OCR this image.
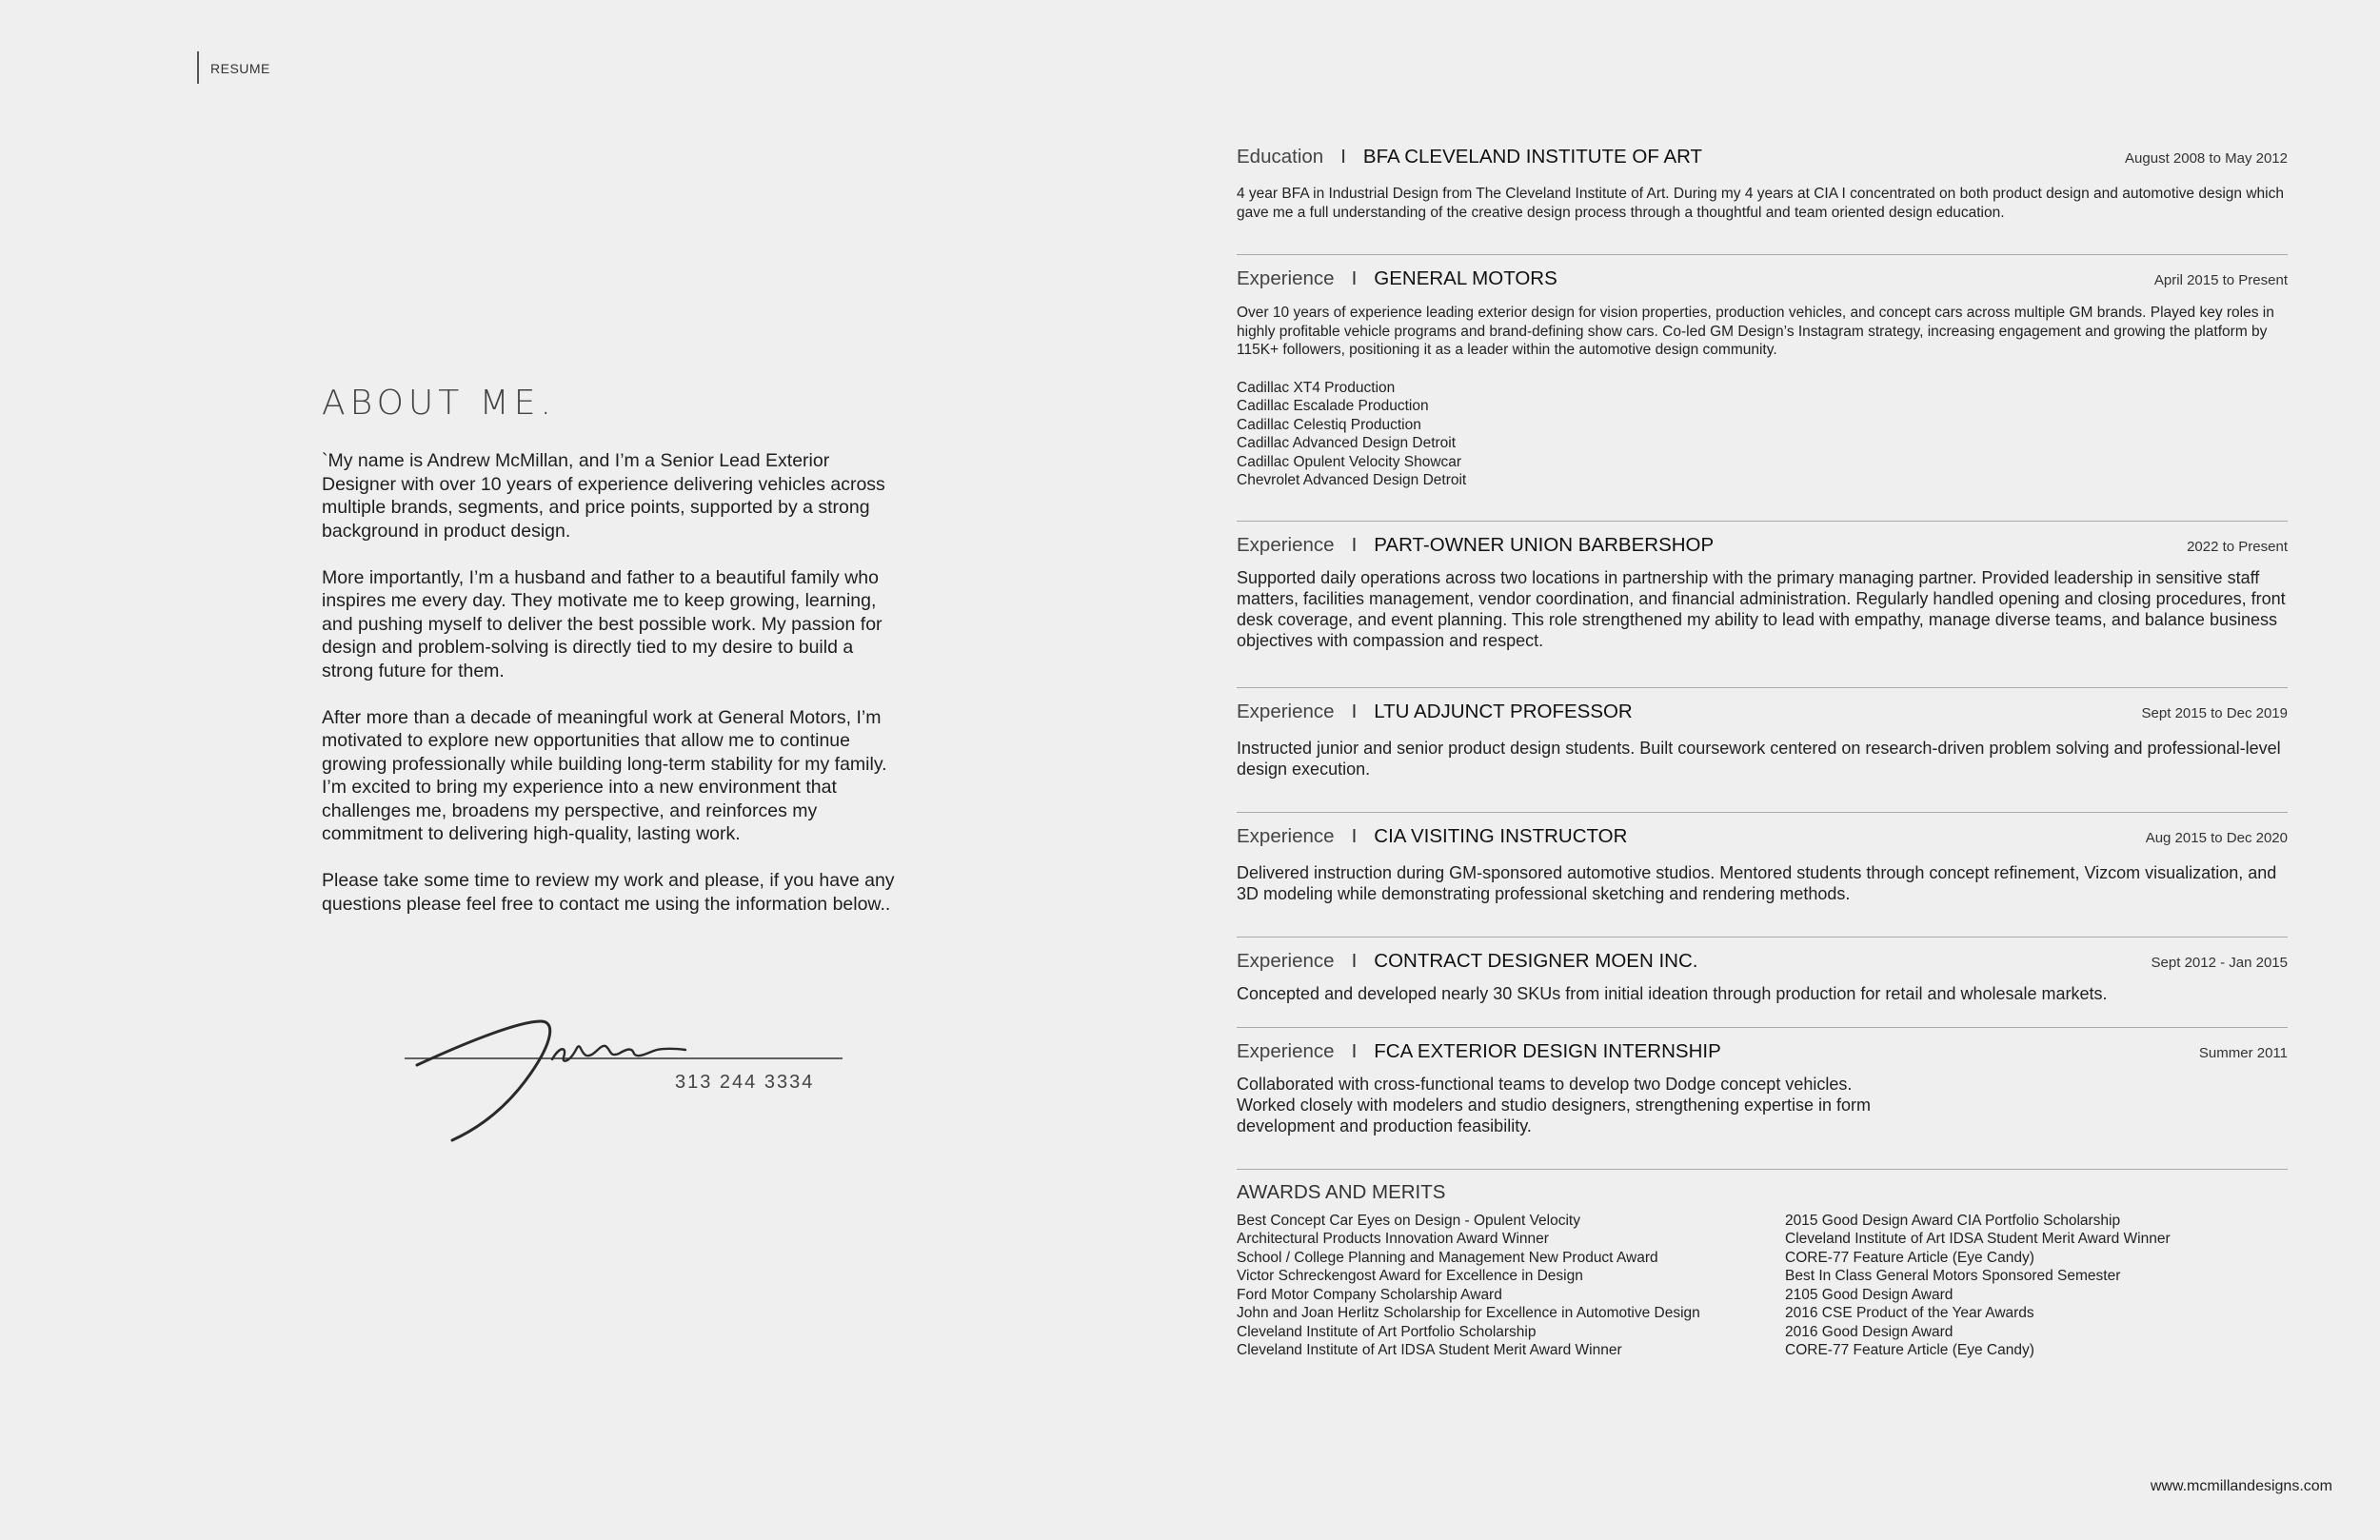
RESUME
ABOUT ME.

`My name is Andrew McMillan, and I’m a Senior Lead Exterior Designer with over 10 years of experience delivering vehicles across multiple brands, segments, and price points, supported by a strong background in product design.

More importantly, I’m a husband and father to a beautiful family who inspires me every day. They motivate me to keep growing, learning, and pushing myself to deliver the best possible work. My passion for design and problem-solving is directly tied to my desire to build a strong future for them.

After more than a decade of meaningful work at General Motors, I’m motivated to explore new opportunities that allow me to continue growing professionally while building long-term stability for my family. I’m excited to bring my experience into a new environment that challenges me, broadens my perspective, and reinforces my commitment to delivering high-quality, lasting work.

Please take some time to review my work and please, if you have any questions please feel free to contact me using the information below..

313 244 3334
Education I BFA CLEVELAND INSTITUTE OF ART	August 2008 to May 2012
4 year BFA in Industrial Design from The Cleveland Institute of Art. During my 4 years at CIA I concentrated on both product design and automotive design which gave me a full understanding of the creative design process through a thoughtful and team oriented design education.
Experience I GENERAL MOTORS	April 2015 to Present
Over 10 years of experience leading exterior design for vision properties, production vehicles, and concept cars across multiple GM brands. Played key roles in highly profitable vehicle programs and brand-defining show cars. Co-led GM Design’s Instagram strategy, increasing engagement and growing the platform by 115K+ followers, positioning it as a leader within the automotive design community.
Cadillac XT4 Production
Cadillac Escalade Production
Cadillac Celestiq Production
Cadillac Advanced Design Detroit
Cadillac Opulent Velocity Showcar
Chevrolet Advanced Design Detroit
Experience I PART-OWNER UNION BARBERSHOP	2022 to Present
Supported daily operations across two locations in partnership with the primary managing partner. Provided leadership in sensitive staff matters, facilities management, vendor coordination, and financial administration. Regularly handled opening and closing procedures, front desk coverage, and event planning. This role strengthened my ability to lead with empathy, manage diverse teams, and balance business objectives with compassion and respect.
Experience I LTU ADJUNCT PROFESSOR	Sept 2015 to Dec 2019
Instructed junior and senior product design students. Built coursework centered on research-driven problem solving and professional-level design execution.
Experience I CIA VISITING INSTRUCTOR	Aug 2015 to Dec 2020
Delivered instruction during GM-sponsored automotive studios. Mentored students through concept refinement, Vizcom visualization, and 3D modeling while demonstrating professional sketching and rendering methods.
Experience I CONTRACT DESIGNER MOEN INC.	Sept 2012 - Jan 2015
Concepted and developed nearly 30 SKUs from initial ideation through production for retail and wholesale markets.
Experience I FCA EXTERIOR DESIGN INTERNSHIP	Summer 2011
Collaborated with cross-functional teams to develop two Dodge concept vehicles.
Worked closely with modelers and studio designers, strengthening expertise in form
development and production feasibility.
AWARDS AND MERITS
Best Concept Car Eyes on Design - Opulent Velocity
Architectural Products Innovation Award Winner
School / College Planning and Management New Product Award
Victor Schreckengost Award for Excellence in Design
Ford Motor Company Scholarship Award
John and Joan Herlitz Scholarship for Excellence in Automotive Design
Cleveland Institute of Art Portfolio Scholarship
Cleveland Institute of Art IDSA Student Merit Award Winner
2015 Good Design Award CIA Portfolio Scholarship
Cleveland Institute of Art IDSA Student Merit Award Winner
CORE-77 Feature Article (Eye Candy)
Best In Class General Motors Sponsored Semester
2105 Good Design Award
2016 CSE Product of the Year Awards
2016 Good Design Award
CORE-77 Feature Article (Eye Candy)
www.mcmillandesigns.com
